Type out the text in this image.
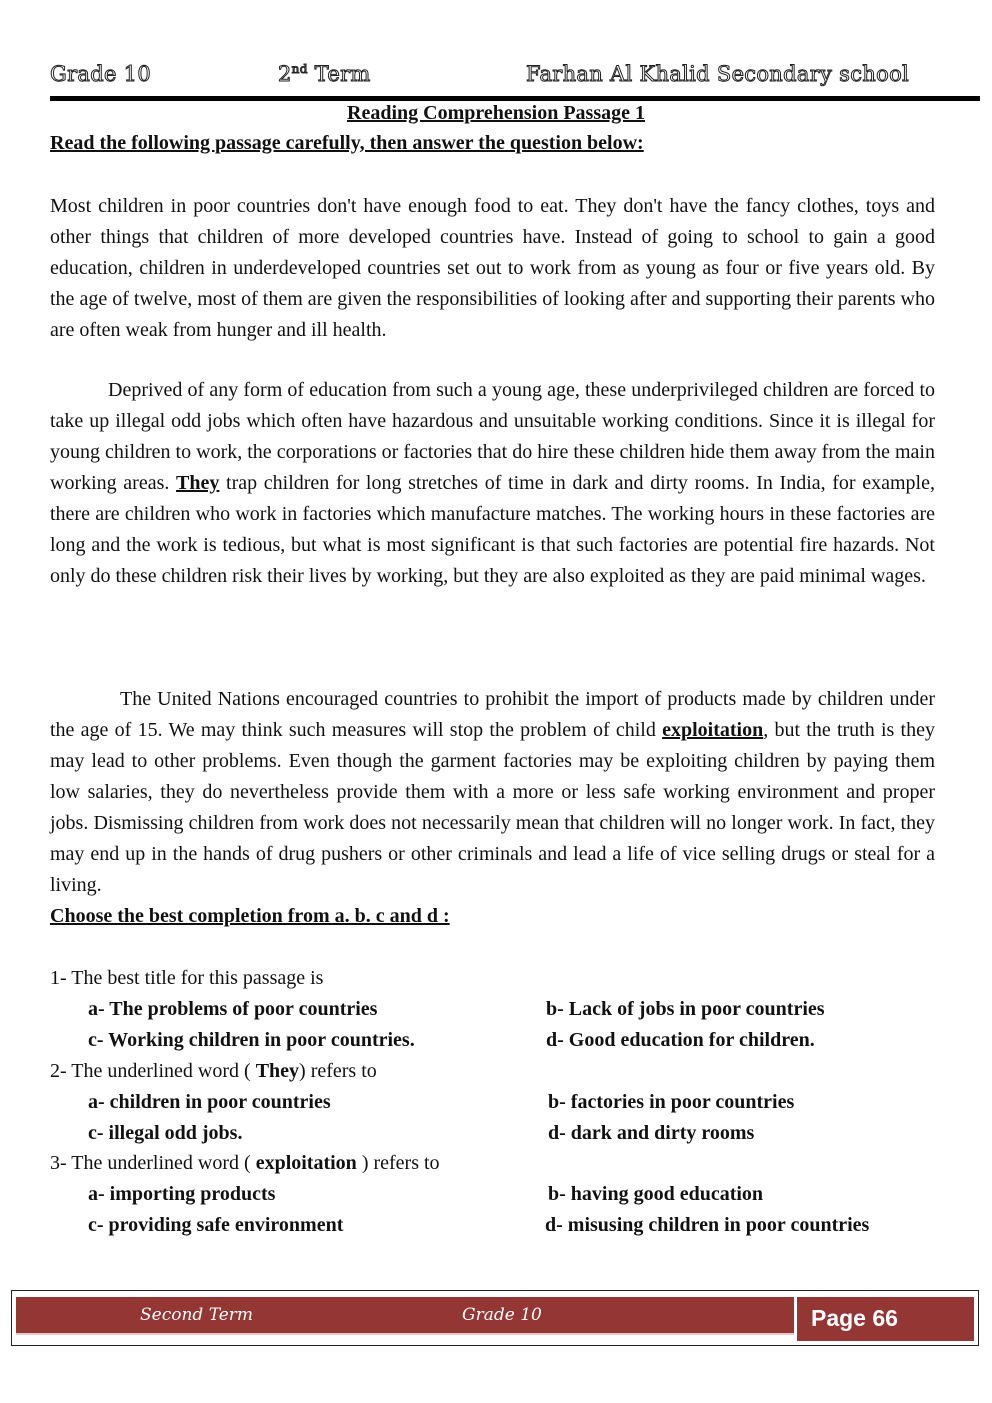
Grade 10	2nd Term	Farhan Al Khalid Secondary school
Reading Comprehension Passage 1
Read the following passage carefully, then answer the question below:
Most children in poor countries don't have enough food to eat. They don't have the fancy clothes, toys and other things that children of more developed countries have. Instead of going to school to gain a good education, children in underdeveloped countries set out to work from as young as four or five years old. By the age of twelve, most of them are given the responsibilities of looking after and supporting their parents who are often weak from hunger and ill health.
Deprived of any form of education from such a young age, these underprivileged children are forced to take up illegal odd jobs which often have hazardous and unsuitable working conditions. Since it is illegal for young children to work, the corporations or factories that do hire these children hide them away from the main working areas. They trap children for long stretches of time in dark and dirty rooms. In India, for example, there are children who work in factories which manufacture matches. The working hours in these factories are long and the work is tedious, but what is most significant is that such factories are potential fire hazards. Not only do these children risk their lives by working, but they are also exploited as they are paid minimal wages.
The United Nations encouraged countries to prohibit the import of products made by children under the age of 15. We may think such measures will stop the problem of child exploitation, but the truth is they may lead to other problems. Even though the garment factories may be exploiting children by paying them low salaries, they do nevertheless provide them with a more or less safe working environment and proper jobs. Dismissing children from work does not necessarily mean that children will no longer work. In fact, they may end up in the hands of drug pushers or other criminals and lead a life of vice selling drugs or steal for a living.
Choose the best completion from a. b. c and d :
1- The best title for this passage is
a- The problems of poor countries	b- Lack of jobs in poor countries
c- Working children in poor countries.	d- Good education for children.
2- The underlined word ( They) refers to
a- children in poor countries	b- factories in poor countries
c- illegal odd jobs.	d- dark and dirty rooms
3- The underlined word ( exploitation ) refers to
a- importing products	b- having good education
c- providing safe environment	d- misusing children in poor countries
Second Term	Grade 10	Page 66
